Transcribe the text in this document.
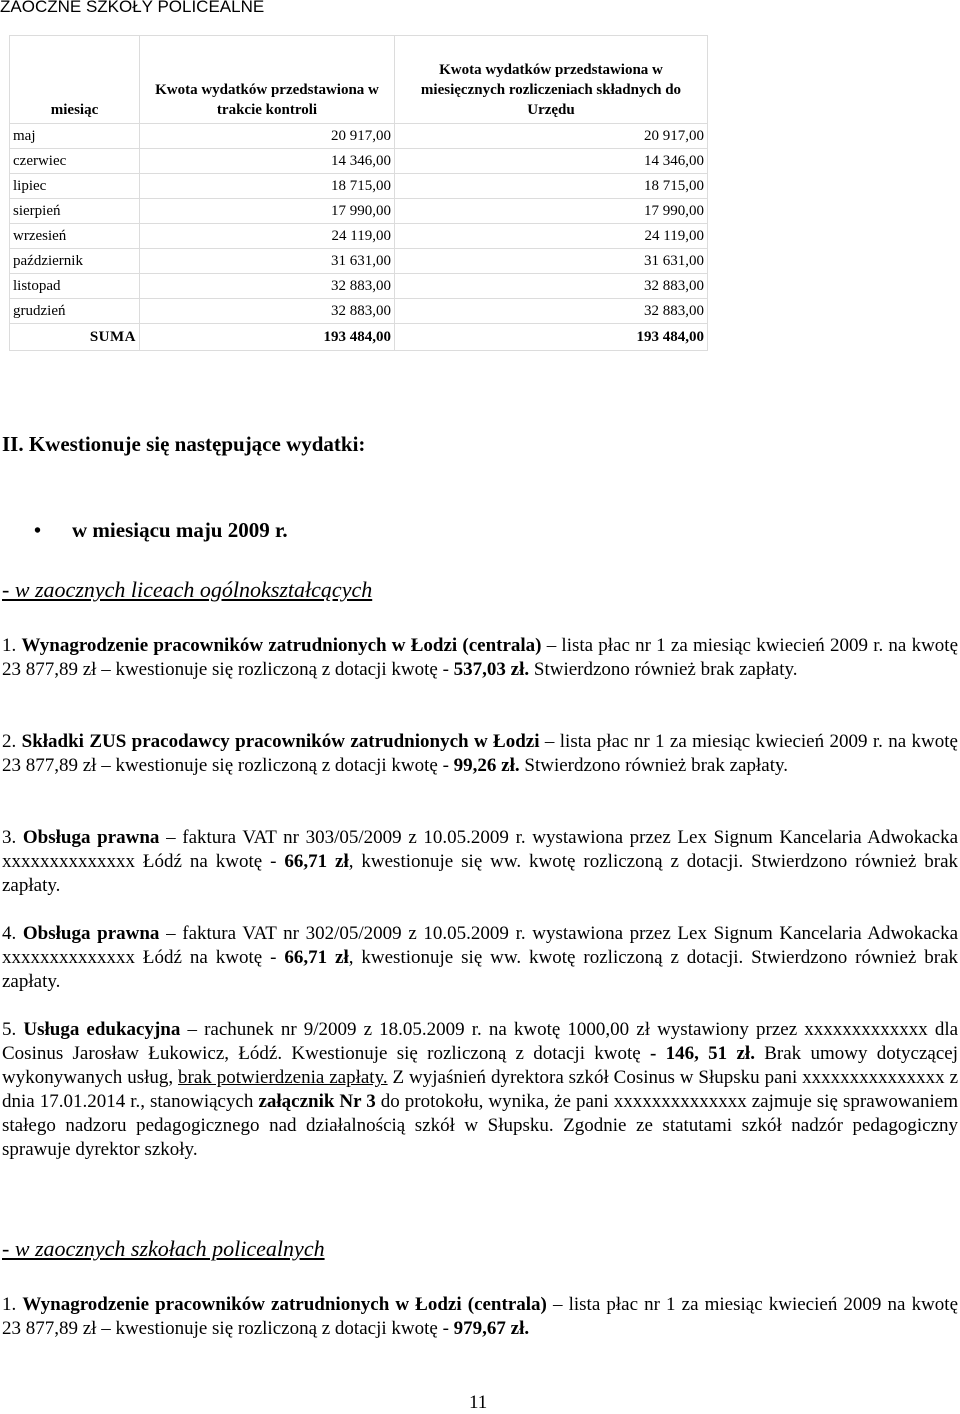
ZAOCZNE SZKOŁY POLICEALNE
miesiąc	Kwota wydatków przedstawiona w trakcie kontroli	Kwota wydatków przedstawiona w miesięcznych rozliczeniach składnych do Urzędu
maj	20 917,00	20 917,00
czerwiec	14 346,00	14 346,00
lipiec	18 715,00	18 715,00
sierpień	17 990,00	17 990,00
wrzesień	24 119,00	24 119,00
październik	31 631,00	31 631,00
listopad	32 883,00	32 883,00
grudzień	32 883,00	32 883,00
SUMA	193 484,00	193 484,00
II. Kwestionuje się następujące wydatki:
• w miesiącu maju 2009 r.
- w zaocznych liceach ogólnokształcących
1. Wynagrodzenie pracowników zatrudnionych w Łodzi (centrala) – lista płac nr 1 za miesiąc kwiecień 2009 r. na kwotę 23 877,89 zł – kwestionuje się rozliczoną z dotacji kwotę - 537,03 zł. Stwierdzono również brak zapłaty.
2. Składki ZUS pracodawcy pracowników zatrudnionych w Łodzi – lista płac nr 1 za miesiąc kwiecień 2009 r. na kwotę 23 877,89 zł – kwestionuje się rozliczoną z dotacji kwotę - 99,26 zł. Stwierdzono również brak zapłaty.
3. Obsługa prawna – faktura VAT nr 303/05/2009 z 10.05.2009 r. wystawiona przez Lex Signum Kancelaria Adwokacka xxxxxxxxxxxxxx Łódź na kwotę - 66,71 zł, kwestionuje się ww. kwotę rozliczoną z dotacji. Stwierdzono również brak zapłaty.
4. Obsługa prawna – faktura VAT nr 302/05/2009 z 10.05.2009 r. wystawiona przez Lex Signum Kancelaria Adwokacka xxxxxxxxxxxxxx Łódź na kwotę - 66,71 zł, kwestionuje się ww. kwotę rozliczoną z dotacji. Stwierdzono również brak zapłaty.
5. Usługa edukacyjna – rachunek nr 9/2009 z 18.05.2009 r. na kwotę 1000,00 zł wystawiony przez xxxxxxxxxxxxx dla Cosinus Jarosław Łukowicz, Łódź. Kwestionuje się rozliczoną z dotacji kwotę - 146, 51 zł. Brak umowy dotyczącej wykonywanych usług, brak potwierdzenia zapłaty. Z wyjaśnień dyrektora szkół Cosinus w Słupsku pani xxxxxxxxxxxxxxx z dnia 17.01.2014 r., stanowiących załącznik Nr 3 do protokołu, wynika, że pani xxxxxxxxxxxxxx zajmuje się sprawowaniem stałego nadzoru pedagogicznego nad działalnością szkół w Słupsku. Zgodnie ze statutami szkół nadzór pedagogiczny sprawuje dyrektor szkoły.
- w zaocznych szkołach policealnych
1. Wynagrodzenie pracowników zatrudnionych w Łodzi (centrala) – lista płac nr 1 za miesiąc kwiecień 2009 na kwotę 23 877,89 zł – kwestionuje się rozliczoną z dotacji kwotę - 979,67 zł.
11
